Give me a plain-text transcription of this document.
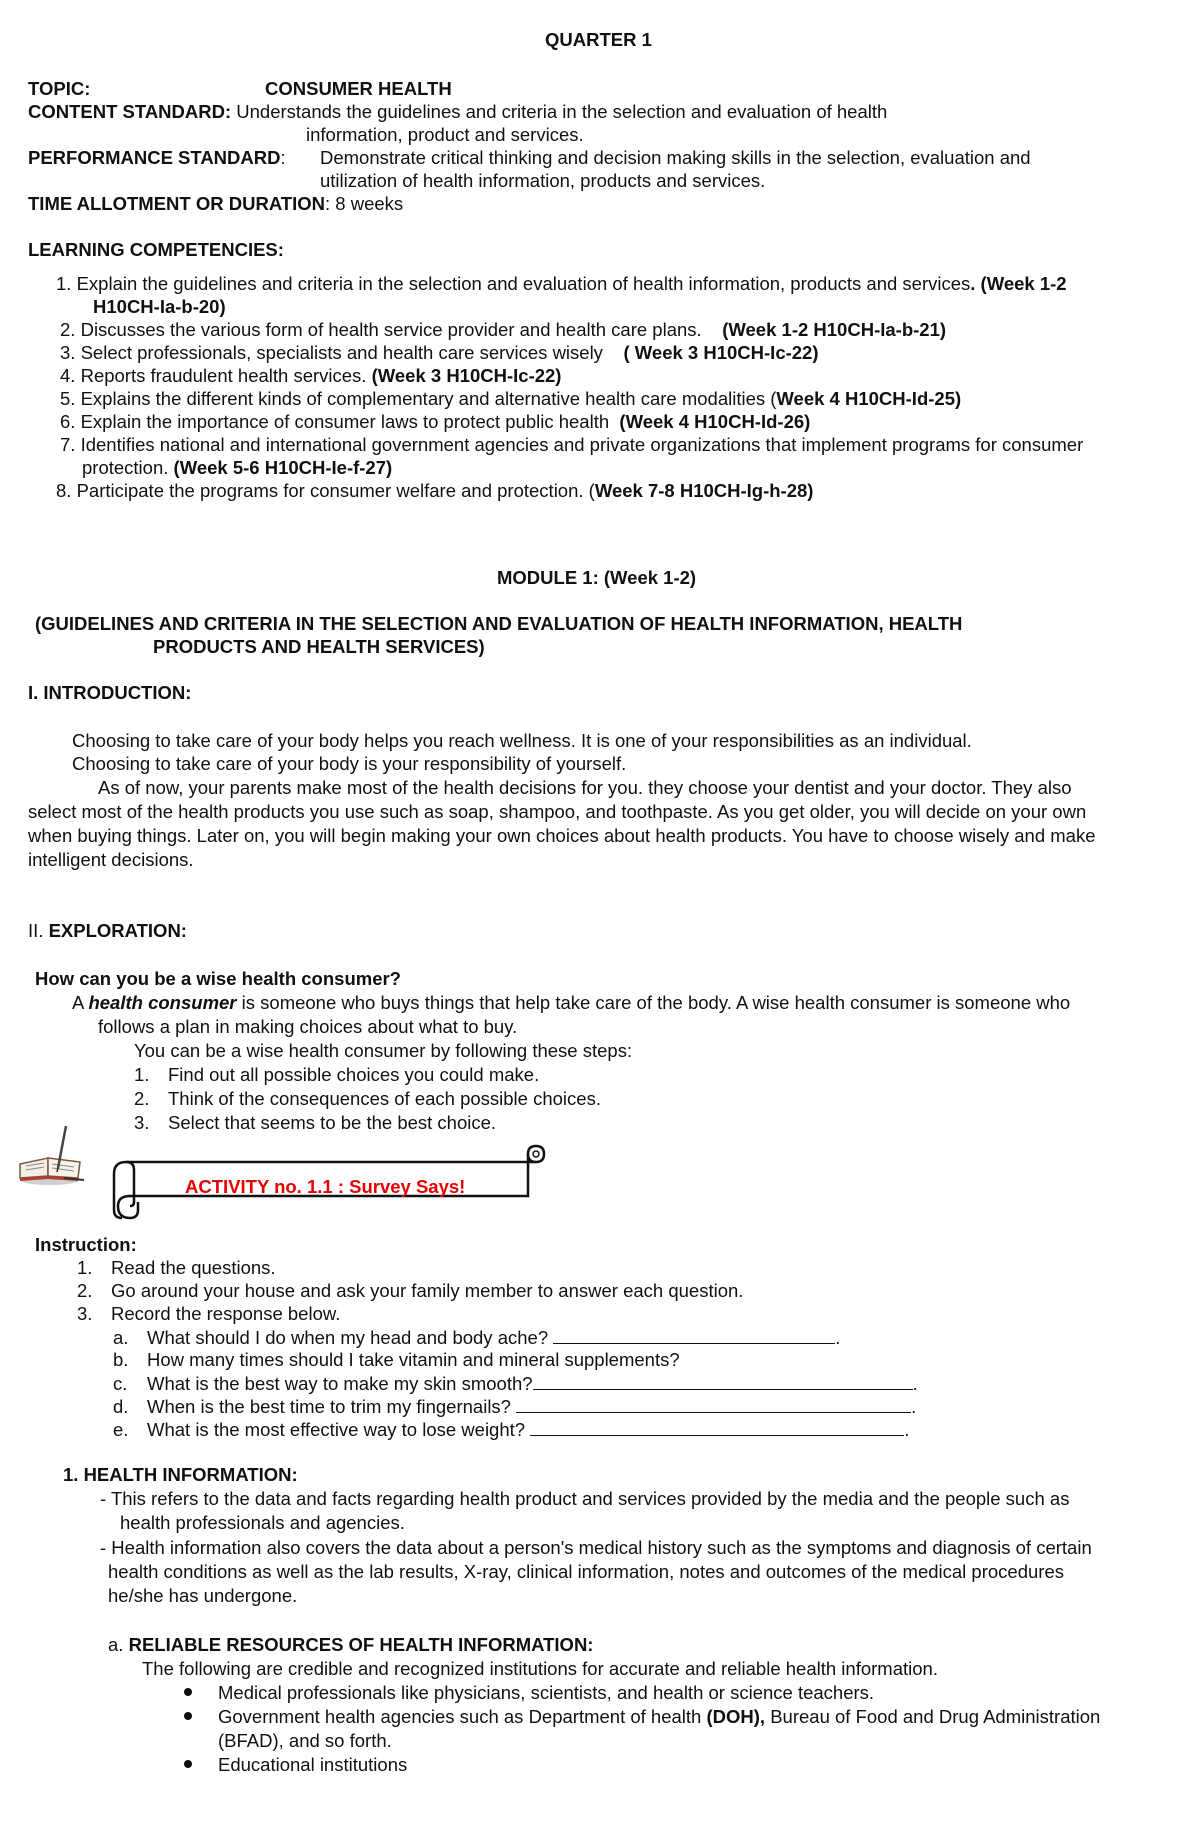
QUARTER 1
TOPIC:	CONSUMER HEALTH
CONTENT STANDARD: Understands the guidelines and criteria in the selection and evaluation of health
information, product and services.
PERFORMANCE STANDARD: Demonstrate critical thinking and decision making skills in the selection, evaluation and
utilization of health information, products and services.
TIME ALLOTMENT OR DURATION: 8 weeks
LEARNING COMPETENCIES:
1. Explain the guidelines and criteria in the selection and evaluation of health information, products and services. (Week 1-2
H10CH-Ia-b-20)
2. Discusses the various form of health service provider and health care plans. (Week 1-2 H10CH-Ia-b-21)
3. Select professionals, specialists and health care services wisely ( Week 3 H10CH-Ic-22)
4. Reports fraudulent health services. (Week 3 H10CH-Ic-22)
5. Explains the different kinds of complementary and alternative health care modalities (Week 4 H10CH-Id-25)
6. Explain the importance of consumer laws to protect public health (Week 4 H10CH-Id-26)
7. Identifies national and international government agencies and private organizations that implement programs for consumer
protection. (Week 5-6 H10CH-Ie-f-27)
8. Participate the programs for consumer welfare and protection. (Week 7-8 H10CH-Ig-h-28)
MODULE 1: (Week 1-2)
(GUIDELINES AND CRITERIA IN THE SELECTION AND EVALUATION OF HEALTH INFORMATION, HEALTH
PRODUCTS AND HEALTH SERVICES)
I. INTRODUCTION:
Choosing to take care of your body helps you reach wellness. It is one of your responsibilities as an individual.
Choosing to take care of your body is your responsibility of yourself.
As of now, your parents make most of the health decisions for you. they choose your dentist and your doctor. They also
select most of the health products you use such as soap, shampoo, and toothpaste. As you get older, you will decide on your own
when buying things. Later on, you will begin making your own choices about health products. You have to choose wisely and make
intelligent decisions.
II. EXPLORATION:
How can you be a wise health consumer?
A health consumer is someone who buys things that help take care of the body. A wise health consumer is someone who
follows a plan in making choices about what to buy.
You can be a wise health consumer by following these steps:
1. Find out all possible choices you could make.
2. Think of the consequences of each possible choices.
3. Select that seems to be the best choice.
ACTIVITY no. 1.1 : Survey Says!
Instruction:
1. Read the questions.
2. Go around your house and ask your family member to answer each question.
3. Record the response below.
a. What should I do when my head and body ache?	.
b. How many times should I take vitamin and mineral supplements?
c. What is the best way to make my skin smooth?	.
d. When is the best time to trim my fingernails?	.
e. What is the most effective way to lose weight?	.
1. HEALTH INFORMATION:
- This refers to the data and facts regarding health product and services provided by the media and the people such as
health professionals and agencies.
- Health information also covers the data about a person's medical history such as the symptoms and diagnosis of certain
health conditions as well as the lab results, X-ray, clinical information, notes and outcomes of the medical procedures
he/she has undergone.
a. RELIABLE RESOURCES OF HEALTH INFORMATION:
The following are credible and recognized institutions for accurate and reliable health information.
Medical professionals like physicians, scientists, and health or science teachers.
Government health agencies such as Department of health (DOH), Bureau of Food and Drug Administration
(BFAD), and so forth.
Educational institutions
